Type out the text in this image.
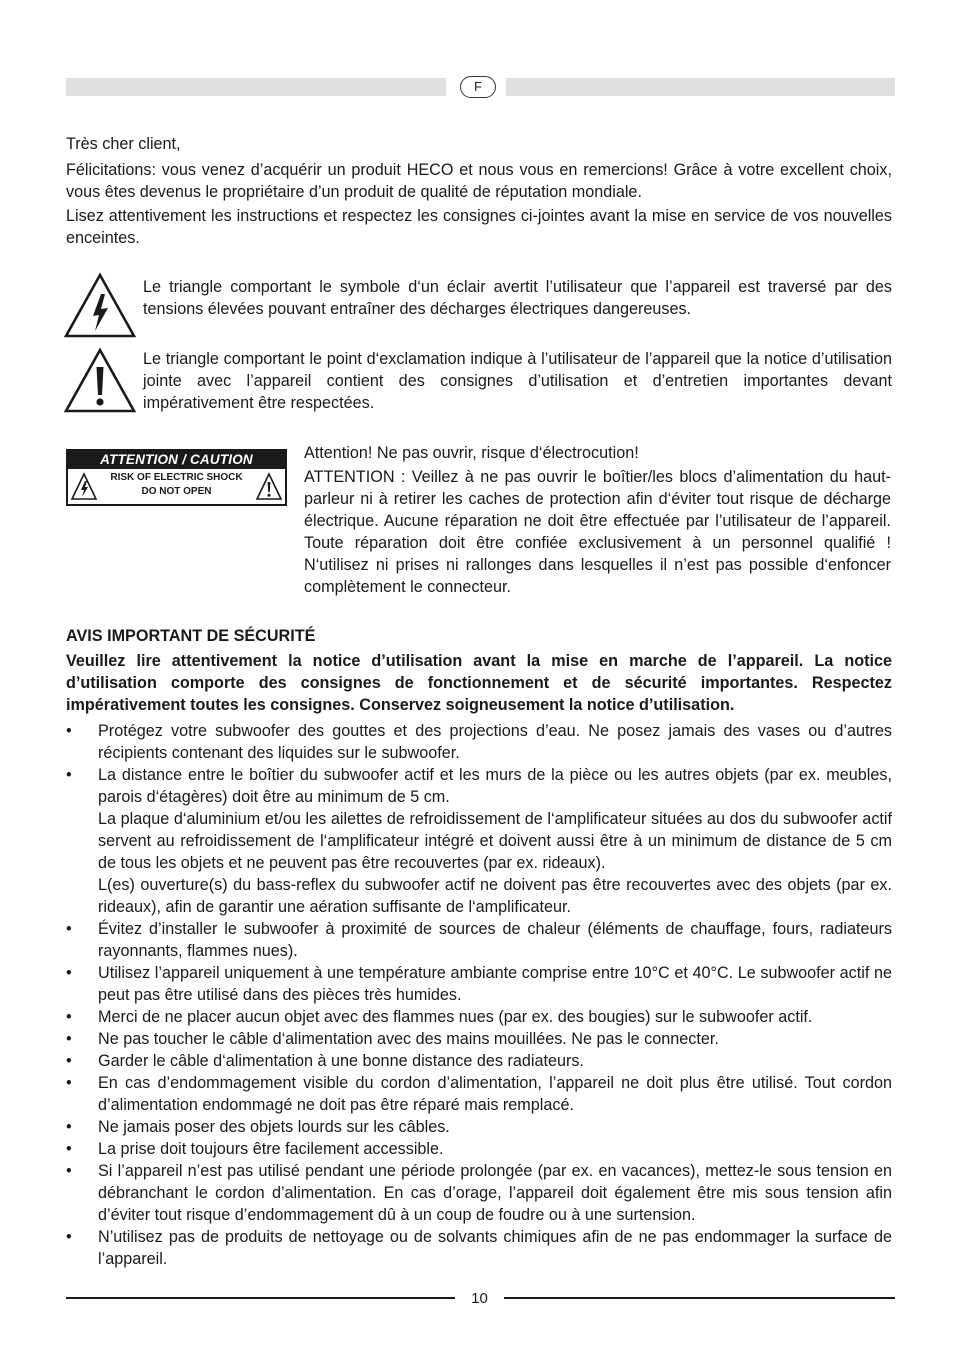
F

Très cher client,

Félicitations: vous venez d’acquérir un produit HECO et nous vous en remercions! Grâce à votre excellent choix, vous êtes devenus le propriétaire d’un produit de qualité de réputation mondiale.

Lisez attentivement les instructions et respectez les consignes ci-jointes avant la mise en service de vos nouvelles enceintes.

Le triangle comportant le symbole d‘un éclair avertit l’utilisateur que l’appareil est traversé par des tensions élevées pouvant entraîner des décharges électriques dangereuses.

Le triangle comportant le point d‘exclamation indique à l’utilisateur de l’appareil que la notice d’utilisation jointe avec l’appareil contient des consignes d’utilisation et d’entretien importantes devant impérativement être respectées.

ATTENTION / CAUTION
RISK OF ELECTRIC SHOCK
DO NOT OPEN

Attention! Ne pas ouvrir, risque d‘électrocution!

ATTENTION : Veillez à ne pas ouvrir le boîtier/les blocs d’alimentation du haut-parleur ni à retirer les caches de protection afin d‘éviter tout risque de décharge électrique. Aucune réparation ne doit être effectuée par l’utilisateur de l’appareil. Toute réparation doit être confiée exclusivement à un personnel qualifié ! N‘utilisez ni prises ni rallonges dans lesquelles il n’est pas possible d‘enfoncer complètement le connecteur.

AVIS IMPORTANT DE SÉCURITÉ

Veuillez lire attentivement la notice d’utilisation avant la mise en marche de l’appareil. La notice d’utilisation comporte des consignes de fonctionnement et de sécurité importantes. Respectez impérativement toutes les consignes. Conservez soigneusement la notice d’utilisation.

• Protégez votre subwoofer des gouttes et des projections d’eau. Ne posez jamais des vases ou d’autres récipients contenant des liquides sur le subwoofer.
• La distance entre le boîtier du subwoofer actif et les murs de la pièce ou les autres objets (par ex. meubles, parois d‘étagères) doit être au minimum de 5 cm.
La plaque d‘aluminium et/ou les ailettes de refroidissement de l‘amplificateur situées au dos du subwoofer actif servent au refroidissement de l‘amplificateur intégré et doivent aussi être à un minimum de distance de 5 cm de tous les objets et ne peuvent pas être recouvertes (par ex. rideaux).
L(es) ouverture(s) du bass-reflex du subwoofer actif ne doivent pas être recouvertes avec des objets (par ex. rideaux), afin de garantir une aération suffisante de l‘amplificateur.
• Évitez d’installer le subwoofer à proximité de sources de chaleur (éléments de chauffage, fours, radiateurs rayonnants, flammes nues).
• Utilisez l’appareil uniquement à une température ambiante comprise entre 10°C et 40°C. Le subwoofer actif ne peut pas être utilisé dans des pièces très humides.
• Merci de ne placer aucun objet avec des flammes nues (par ex. des bougies) sur le subwoofer actif.
• Ne pas toucher le câble d‘alimentation avec des mains mouillées. Ne pas le connecter.
• Garder le câble d‘alimentation à une bonne distance des radiateurs.
• En cas d’endommagement visible du cordon d’alimentation, l’appareil ne doit plus être utilisé. Tout cordon d’alimentation endommagé ne doit pas être réparé mais remplacé.
• Ne jamais poser des objets lourds sur les câbles.
• La prise doit toujours être facilement accessible.
• Si l’appareil n’est pas utilisé pendant une période prolongée (par ex. en vacances), mettez-le sous tension en débranchant le cordon d’alimentation. En cas d’orage, l’appareil doit également être mis sous tension afin d’éviter tout risque d’endommagement dû à un coup de foudre ou à une surtension.
• N’utilisez pas de produits de nettoyage ou de solvants chimiques afin de ne pas endommager la surface de l’appareil.
10
